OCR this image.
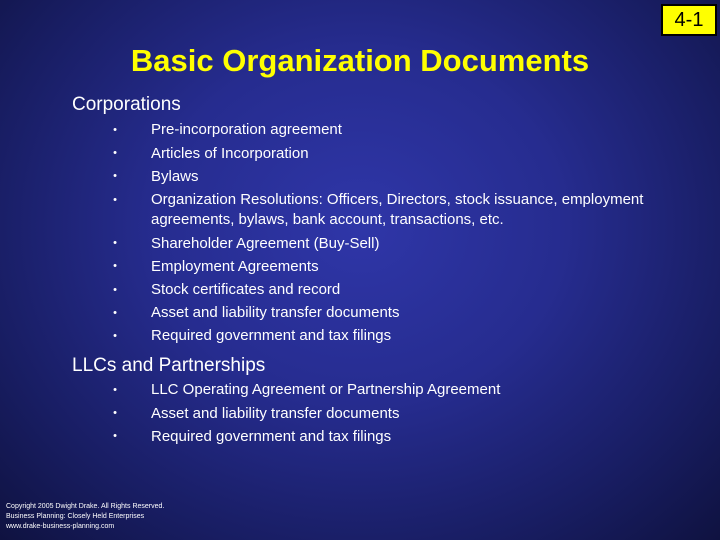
4-1
Basic Organization Documents
Corporations
•	Pre-incorporation agreement
•	Articles of Incorporation
•	Bylaws
•	Organization Resolutions: Officers, Directors, stock issuance, employment agreements, bylaws, bank account, transactions, etc.
•	Shareholder Agreement (Buy-Sell)
•	Employment Agreements
•	Stock certificates and record
•	Asset and liability transfer documents
•	Required government and tax filings
LLCs and Partnerships
•	LLC Operating Agreement or Partnership Agreement
•	Asset and liability transfer documents
•	Required government and tax filings
Copyright 2005 Dwight Drake. All Rights Reserved.
Business Planning: Closely Held Enterprises
www.drake-business-planning.com
